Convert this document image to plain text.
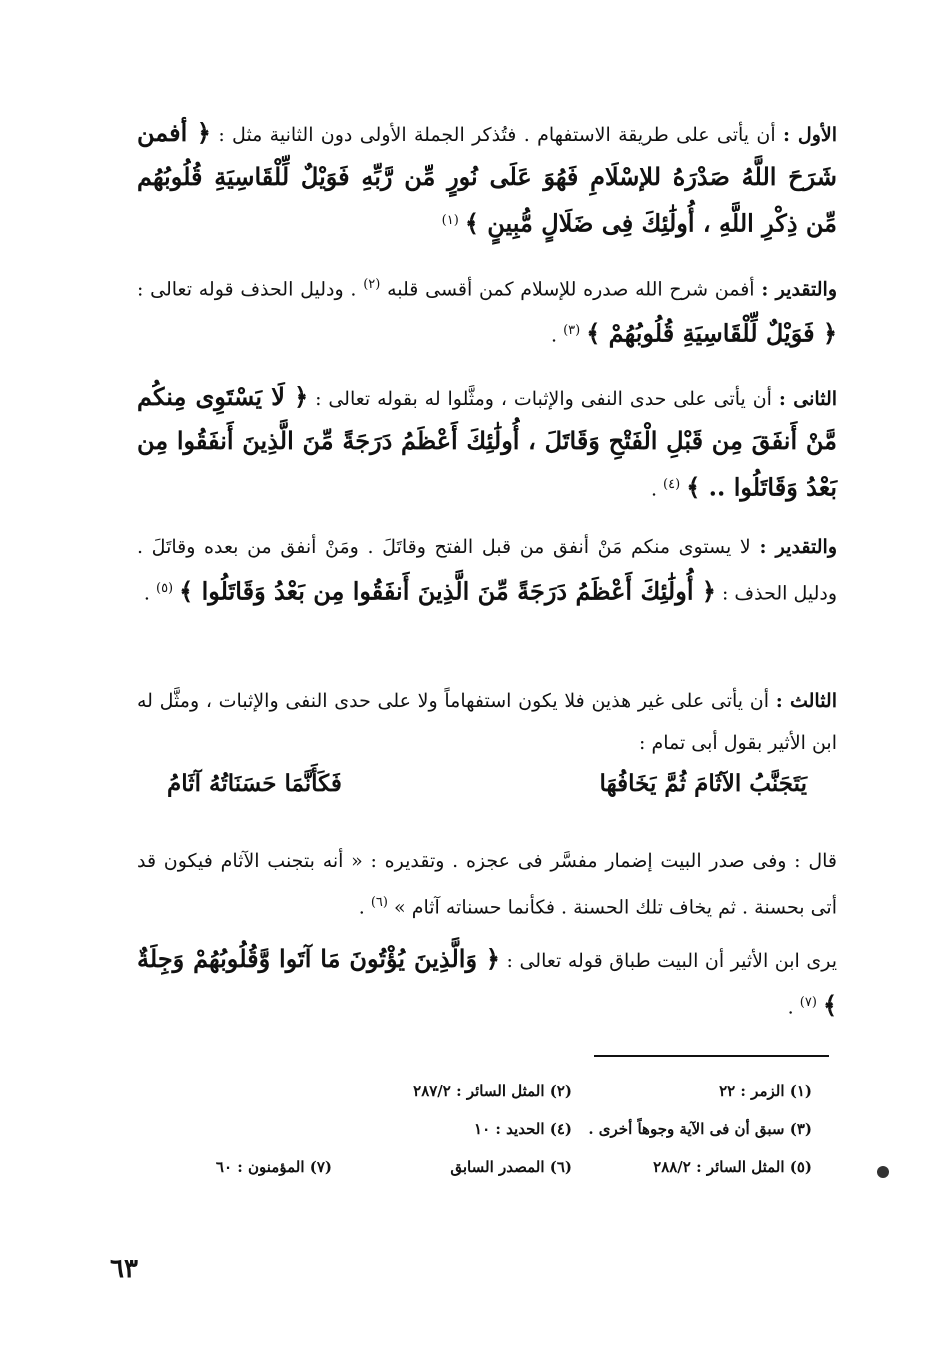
الأول : أن يأتى على طريقة الاستفهام . فتُذكر الجملة الأولى دون الثانية مثل : ﴿ أفمن شَرَحَ اللَّهُ صَدْرَهُ للإسْلَامِ فَهُوَ عَلَى نُورٍ مِّن رَّبِّهِ فَوَيْلٌ لِّلْقَاسِيَةِ قُلُوبُهُم مِّن ذِكْرِ اللَّهِ ، أُولَٰئِكَ فِى ضَلَالٍ مُّبِينٍ ﴾ $^{(١)}$

والتقدير : أفمن شرح الله صدره للإسلام كمن أقسى قلبه $^{(٢)}$ . ودليل الحذف قوله تعالى : ﴿ فَوَيْلٌ لِّلْقَاسِيَةِ قُلُوبُهُمْ ﴾ $^{(٣)}$ .

الثانى : أن يأتى على حدى النفى والإثبات ، ومثَّلوا له بقوله تعالى : ﴿ لَا يَسْتَوِى مِنكُم مَّنْ أَنفَقَ مِن قَبْلِ الْفَتْحِ وَقَاتَلَ ، أُولَٰئِكَ أَعْظَمُ دَرَجَةً مِّنَ الَّذِينَ أَنفَقُوا مِن بَعْدُ وَقَاتَلُوا .. ﴾ $^{(٤)}$ .

والتقدير : لا يستوى منكم مَنْ أنفق من قبل الفتح وقاتَلَ . ومَنْ أنفق من بعده وقاتَلَ . ودليل الحذف : ﴿ أُولَٰئِكَ أَعْظَمُ دَرَجَةً مِّنَ الَّذِينَ أَنفَقُوا مِن بَعْدُ وَقَاتَلُوا ﴾ $^{(٥)}$ .

الثالث : أن يأتى على غير هذين فلا يكون استفهاماً ولا على حدى النفى والإثبات ، ومثَّل له ابن الأثير بقول أبى تمام :

يَتَجَنَّبُ الآثَامَ ثُمَّ يَخَافُهَا
فَكَأَنَّمَا حَسَنَاتُهُ آثَامُ

قال : وفى صدر البيت إضمار مفسَّر فى عجزه . وتقديره : « أنه بتجنب الآثام فيكون قد أتى بحسنة . ثم يخاف تلك الحسنة . فكأنما حسناته آثام » $^{(٦)}$ .

يرى ابن الأثير أن البيت طباق قوله تعالى : ﴿ وَالَّذِينَ يُؤْتُونَ مَا آتَوا وَّقُلُوبُهُمْ وَجِلَةٌ ﴾ $^{(٧)}$ .

(١) الزمر : ٢٢
(٢) المثل السائر : ٢٨٧/٢
(٣) سبق أن فى الآية وجوهاً أخرى .
(٤) الحديد : ١٠
(٥) المثل السائر : ٢٨٨/٢
(٦) المصدر السابق
(٧) المؤمنون : ٦٠
٦٣
